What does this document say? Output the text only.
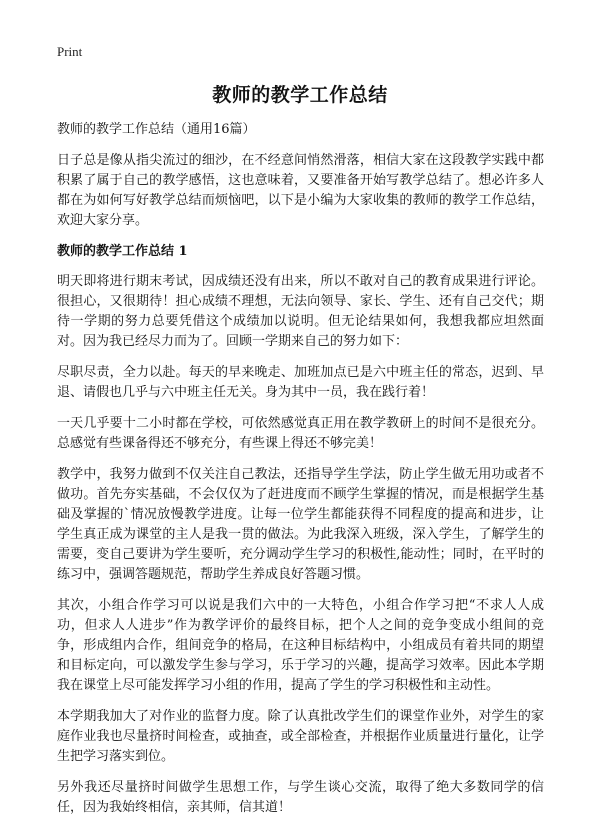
Print
教师的教学工作总结

教师的教学工作总结（通用16篇）

日子总是像从指尖流过的细沙，在不经意间悄然滑落，相信大家在这段教学实践中都积累了属于自己的教学感悟，这也意味着，又要准备开始写教学总结了。想必许多人都在为如何写好教学总结而烦恼吧，以下是小编为大家收集的教师的教学工作总结，欢迎大家分享。

教师的教学工作总结 1

明天即将进行期末考试，因成绩还没有出来，所以不敢对自己的教育成果进行评论。很担心，又很期待！担心成绩不理想，无法向领导、家长、学生、还有自己交代；期待一学期的努力总要凭借这个成绩加以说明。但无论结果如何，我想我都应坦然面对。因为我已经尽力而为了。回顾一学期来自己的努力如下：

尽职尽责，全力以赴。每天的早来晚走、加班加点已是六中班主任的常态，迟到、早退、请假也几乎与六中班主任无关。身为其中一员，我在践行着！

一天几乎要十二小时都在学校，可依然感觉真正用在教学教研上的时间不是很充分。总感觉有些课备得还不够充分，有些课上得还不够完美！

教学中，我努力做到不仅关注自己教法，还指导学生学法，防止学生做无用功或者不做功。首先夯实基础，不会仅仅为了赶进度而不顾学生掌握的情况，而是根据学生基础及掌握的`情况放慢教学进度。让每一位学生都能获得不同程度的提高和进步，让学生真正成为课堂的主人是我一贯的做法。为此我深入班级，深入学生，了解学生的需要，变自己要讲为学生要听，充分调动学生学习的积极性,能动性；同时，在平时的练习中，强调答题规范，帮助学生养成良好答题习惯。

其次，小组合作学习可以说是我们六中的一大特色，小组合作学习把“不求人人成功，但求人人进步”作为教学评价的最终目标，把个人之间的竞争变成小组间的竞争，形成组内合作，组间竞争的格局，在这种目标结构中，小组成员有着共同的期望和目标定向，可以激发学生参与学习，乐于学习的兴趣，提高学习效率。因此本学期我在课堂上尽可能发挥学习小组的作用，提高了学生的学习积极性和主动性。

本学期我加大了对作业的监督力度。除了认真批改学生们的课堂作业外，对学生的家庭作业我也尽量挤时间检查，或抽查，或全部检查，并根据作业质量进行量化，让学生把学习落实到位。

另外我还尽量挤时间做学生思想工作，与学生谈心交流，取得了绝大多数同学的信任，因为我始终相信，亲其师，信其道！
